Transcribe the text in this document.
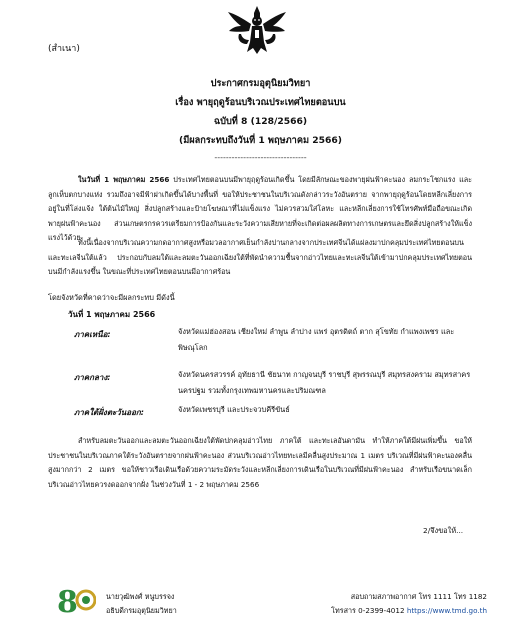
(สำเนา)
ประกาศกรมอุตุนิยมวิทยา
เรื่อง พายุฤดูร้อนบริเวณประเทศไทยตอนบน
ฉบับที่ 8 (128/2566)
(มีผลกระทบถึงวันที่ 1 พฤษภาคม 2566)
--------------------------------
ในวันที่ 1 พฤษภาคม 2566 ประเทศไทยตอนบนมีพายุฤดูร้อนเกิดขึ้น โดยมีลักษณะของพายุฝนฟ้าคะนอง ลมกระโชกแรง และลูกเห็บตกบางแห่ง รวมถึงอาจมีฟ้าผ่าเกิดขึ้นได้บางพื้นที่ ขอให้ประชาชนในบริเวณดังกล่าวระวังอันตราย จากพายุฤดูร้อนโดยหลีกเลี่ยงการอยู่ในที่โล่งแจ้ง ใต้ต้นไม้ใหญ่ สิ่งปลูกสร้างและป้ายโฆษณาที่ไม่แข็งแรง ไม่ควรสวมใส่โลหะ และหลีกเลี่ยงการใช้โทรศัพท์มือถือขณะเกิดพายุฝนฟ้าคะนอง ส่วนเกษตรกรควรเตรียมการป้องกันและระวังความเสียหายที่จะเกิดต่อผลผลิตทางการเกษตรและยึดสิ่งปลูกสร้างให้แข็งแรงไว้ด้วย
ทั้งนี้เนื่องจากบริเวณความกดอากาศสูงหรือมวลอากาศเย็นกำลังปานกลางจากประเทศจีนได้แผ่ลงมาปกคลุมประเทศไทยตอนบน และทะเลจีนใต้แล้ว ประกอบกับลมใต้และลมตะวันออกเฉียงใต้ที่พัดนำความชื้นจากอ่าวไทยและทะเลจีนใต้เข้ามาปกคลุมประเทศไทยตอนบนมีกำลังแรงขึ้น ในขณะที่ประเทศไทยตอนบนมีอากาศร้อน
โดยจังหวัดที่คาดว่าจะมีผลกระทบ มีดังนี้
วันที่ 1 พฤษภาคม 2566
ภาคเหนือ:	จังหวัดแม่ฮ่องสอน เชียงใหม่ ลำพูน ลำปาง แพร่ อุตรดิตถ์ ตาก สุโขทัย กำแพงเพชร และพิษณุโลก
ภาคกลาง:	จังหวัดนครสวรรค์ อุทัยธานี ชัยนาท กาญจนบุรี ราชบุรี สุพรรณบุรี สมุทรสงคราม สมุทรสาคร นครปฐม รวมทั้งกรุงเทพมหานครและปริมณฑล
ภาคใต้ฝั่งตะวันออก:	จังหวัดเพชรบุรี และประจวบคีรีขันธ์
สำหรับลมตะวันออกและลมตะวันออกเฉียงใต้พัดปกคลุมอ่าวไทย ภาคใต้ และทะเลอันดามัน ทำให้ภาคใต้มีฝนเพิ่มขึ้น ขอให้ประชาชนในบริเวณภาคใต้ระวังอันตรายจากฝนฟ้าคะนอง ส่วนบริเวณอ่าวไทยทะเลมีคลื่นสูงประมาณ 1 เมตร บริเวณที่มีฝนฟ้าคะนองคลื่นสูงมากกว่า 2 เมตร ขอให้ชาวเรือเดินเรือด้วยความระมัดระวังและหลีกเลี่ยงการเดินเรือในบริเวณที่มีฝนฟ้าคะนอง สำหรับเรือขนาดเล็กบริเวณอ่าวไทยควรงดออกจากฝั่ง ในช่วงวันที่ 1 - 2 พฤษภาคม 2566
2/จึงขอให้...
8	นายวุฒิพงศ์ หนูบรรจง
อธิบดีกรมอุตุนิยมวิทยา
สอบถามสภาพอากาศ โทร 1111 โทร 1182
โทรสาร 0-2399-4012 https://www.tmd.go.th
